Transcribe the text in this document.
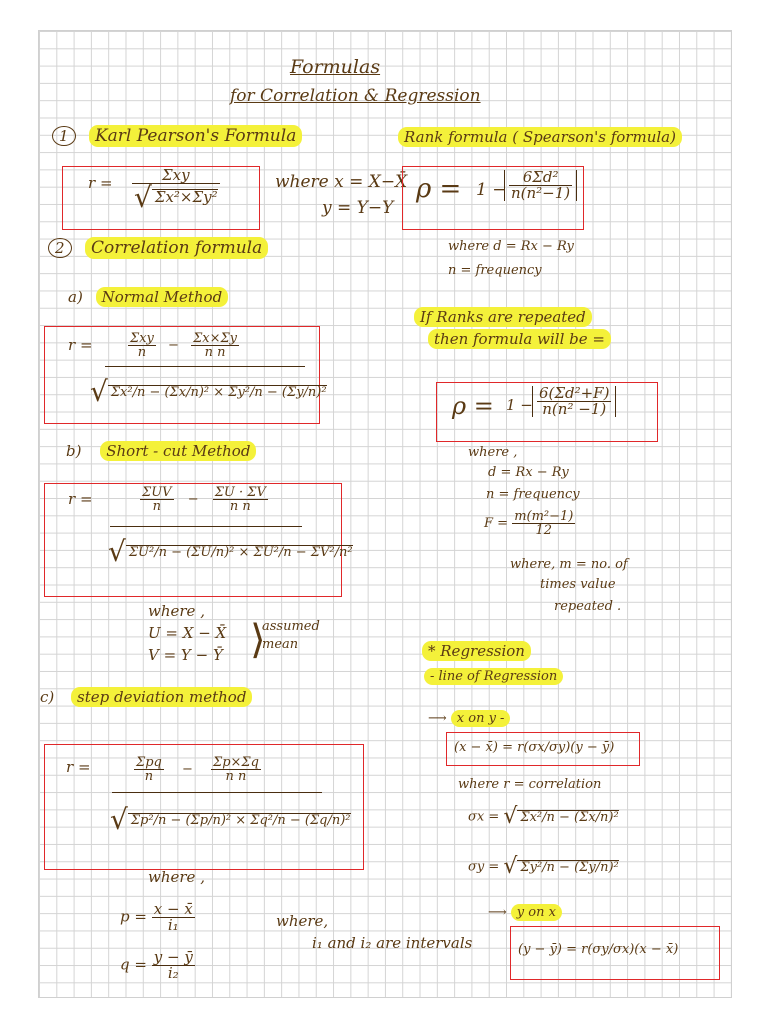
Formulas
for Correlation & Regression
1 Karl Pearson's Formula
$r = \frac{\text{Σxy}}{\text{√ Σx²×Σy²}}$	where x = X−X̄
y = Y−Y
2 Correlation formula
a) Normal Method
r =	$\frac{\text{Σxy}}{n} - \frac{\Sigma x\times\Sigma y}{\text{n n}}$
√ Σx²/n − (Σx/n)² × Σy²/n − (Σy/n)²
b) Short - cut Method
r =	$\frac{\text{ΣUV}}{n} - \frac{\Sigma U \cdot \Sigma V}{\text{n n}}$
√ ΣU²/n − (ΣU/n)² × ΣU²/n − ΣV²/n²
where ,
U = X − X̄
V = Y − Ȳ ⟩
assumed
mean
c) step deviation method
r =	$\frac{\text{Σpq}}{n} - \frac{\Sigma p\times\Sigma q}{\text{n n}}$
√ Σp²/n − (Σp/n)² × Σq²/n − (Σq/n)²
where ,
$p = \frac{x - x̄}{\text{i₁}}$
$q = \frac{y - ȳ}{\text{i₂}}$
where,
i₁ and i₂ are intervals
Rank formula ( Spearson's formula)
$\rho = 1 - \frac{\text{6Σd²}}{\text{n(n²−1)}}$
where d = Rx − Ry
n = frequency
If Ranks are repeated
then formula will be =
$\rho = 1 - \frac{\text{6(Σd²+F)}}{\text{n(n² −1)}}$
where ,
d = Rx − Ry
n = frequency
$F = \frac{\text{m(m²−1)}}{12}$
where, m = no. of
times value
repeated .
* Regression
- line of Regression
⟶ x on y -
(x − x̄) = r(σx/σy)(y − ȳ)
where r = correlation
σx = √ Σx²/n − (Σx/n)²
σy = √ Σy²/n − (Σy/n)²
⟶ y on x
(y − ȳ) = r(σy/σx)(x − x̄)
